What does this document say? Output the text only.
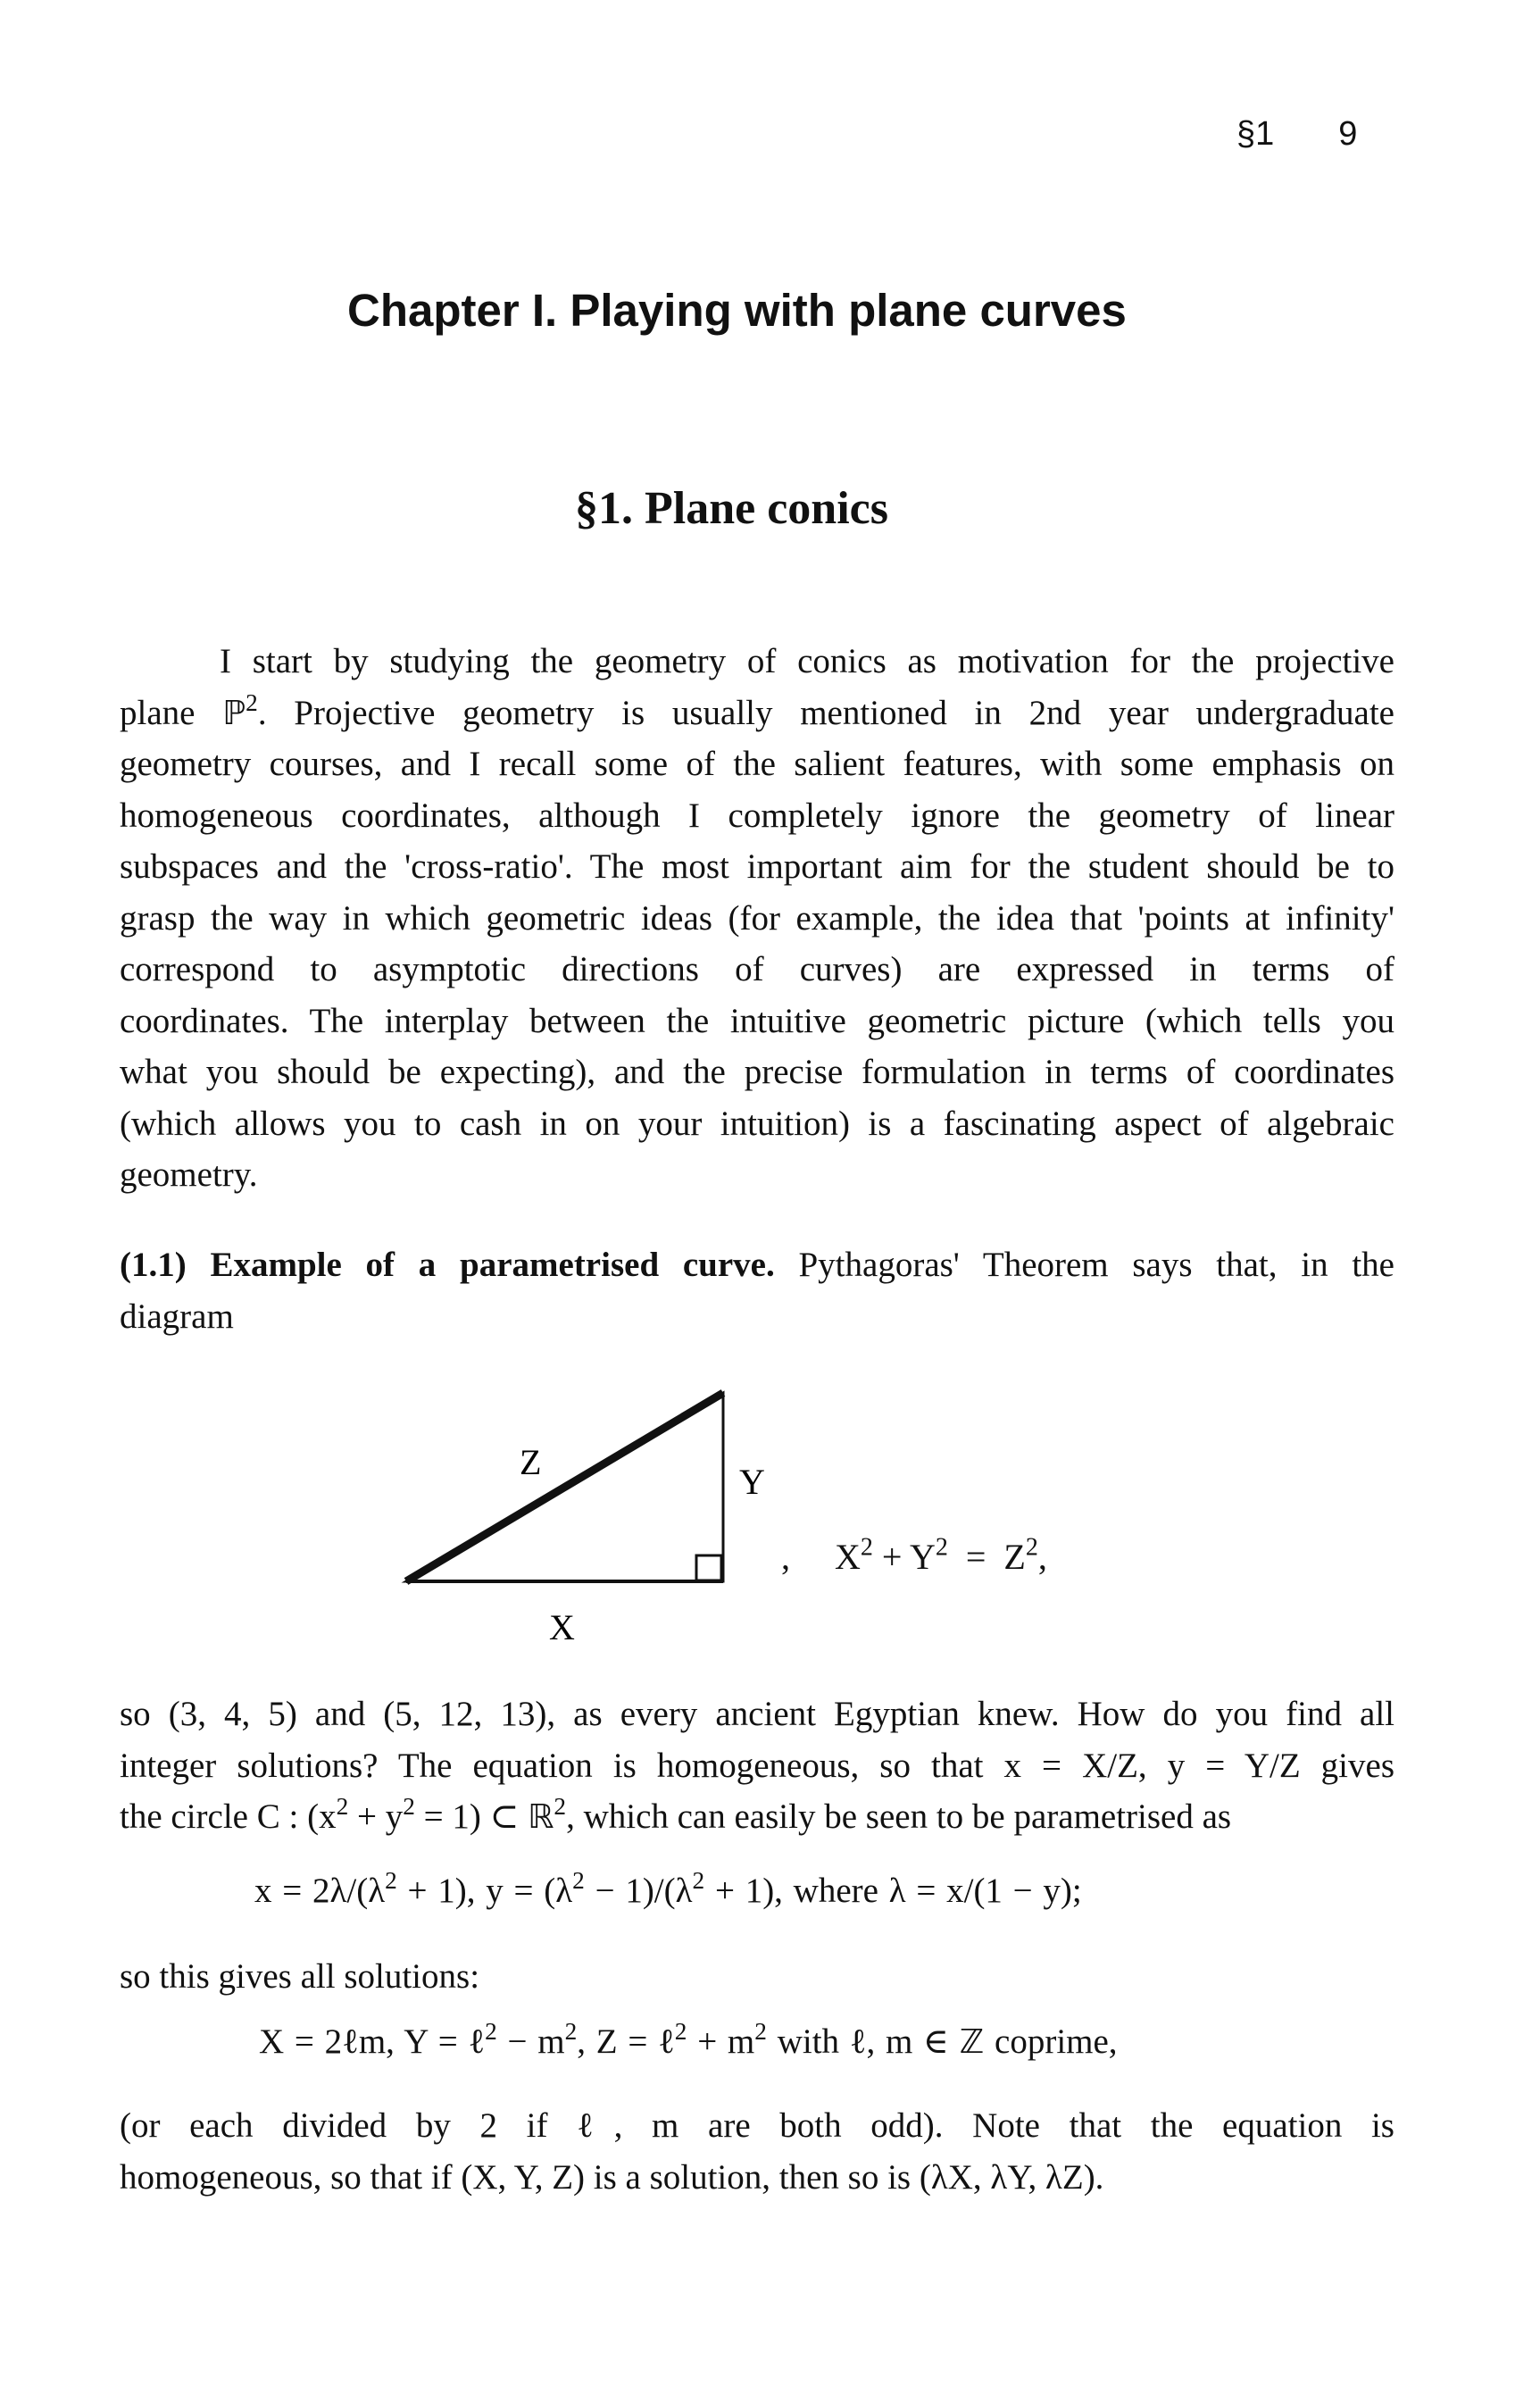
§1 9
Chapter I. Playing with plane curves
§1. Plane conics
I start by studying the geometry of conics as motivation for the projective
plane ℙ$^2$. Projective geometry is usually mentioned in 2nd year undergraduate
geometry courses, and I recall some of the salient features, with some emphasis on
homogeneous coordinates, although I completely ignore the geometry of linear
subspaces and the 'cross-ratio'. The most important aim for the student should be to
grasp the way in which geometric ideas (for example, the idea that 'points at infinity'
correspond to asymptotic directions of curves) are expressed in terms of
coordinates. The interplay between the intuitive geometric picture (which tells you
what you should be expecting), and the precise formulation in terms of coordinates
(which allows you to cash in on your intuition) is a fascinating aspect of algebraic
geometry.
(1.1) Example of a parametrised curve. Pythagoras' Theorem says that, in the
diagram
Z	Y
X
, $X^2 + Y^2 = Z^2$,
so (3, 4, 5) and (5, 12, 13), as every ancient Egyptian knew. How do you find all
integer solutions? The equation is homogeneous, so that x = X/Z, y = Y/Z gives
the circle C : $(x^2 + y^2 = 1)$ ⊂ ℝ$^2$, which can easily be seen to be parametrised as
$x = 2\lambda/(\lambda^2 + 1)$, $y = (\lambda^2 - 1)/(\lambda^2 + 1)$, where λ = x/(1 − y);
so this gives all solutions:
X = 2ℓm, Y = ℓ$^2$ − $m^2$, Z = ℓ$^2$ + $m^2$ with ℓ, m ∈ ℤ coprime,
(or each divided by 2 if ℓ, m are both odd). Note that the equation is
homogeneous, so that if (X, Y, Z) is a solution, then so is (λX, λY, λZ).
